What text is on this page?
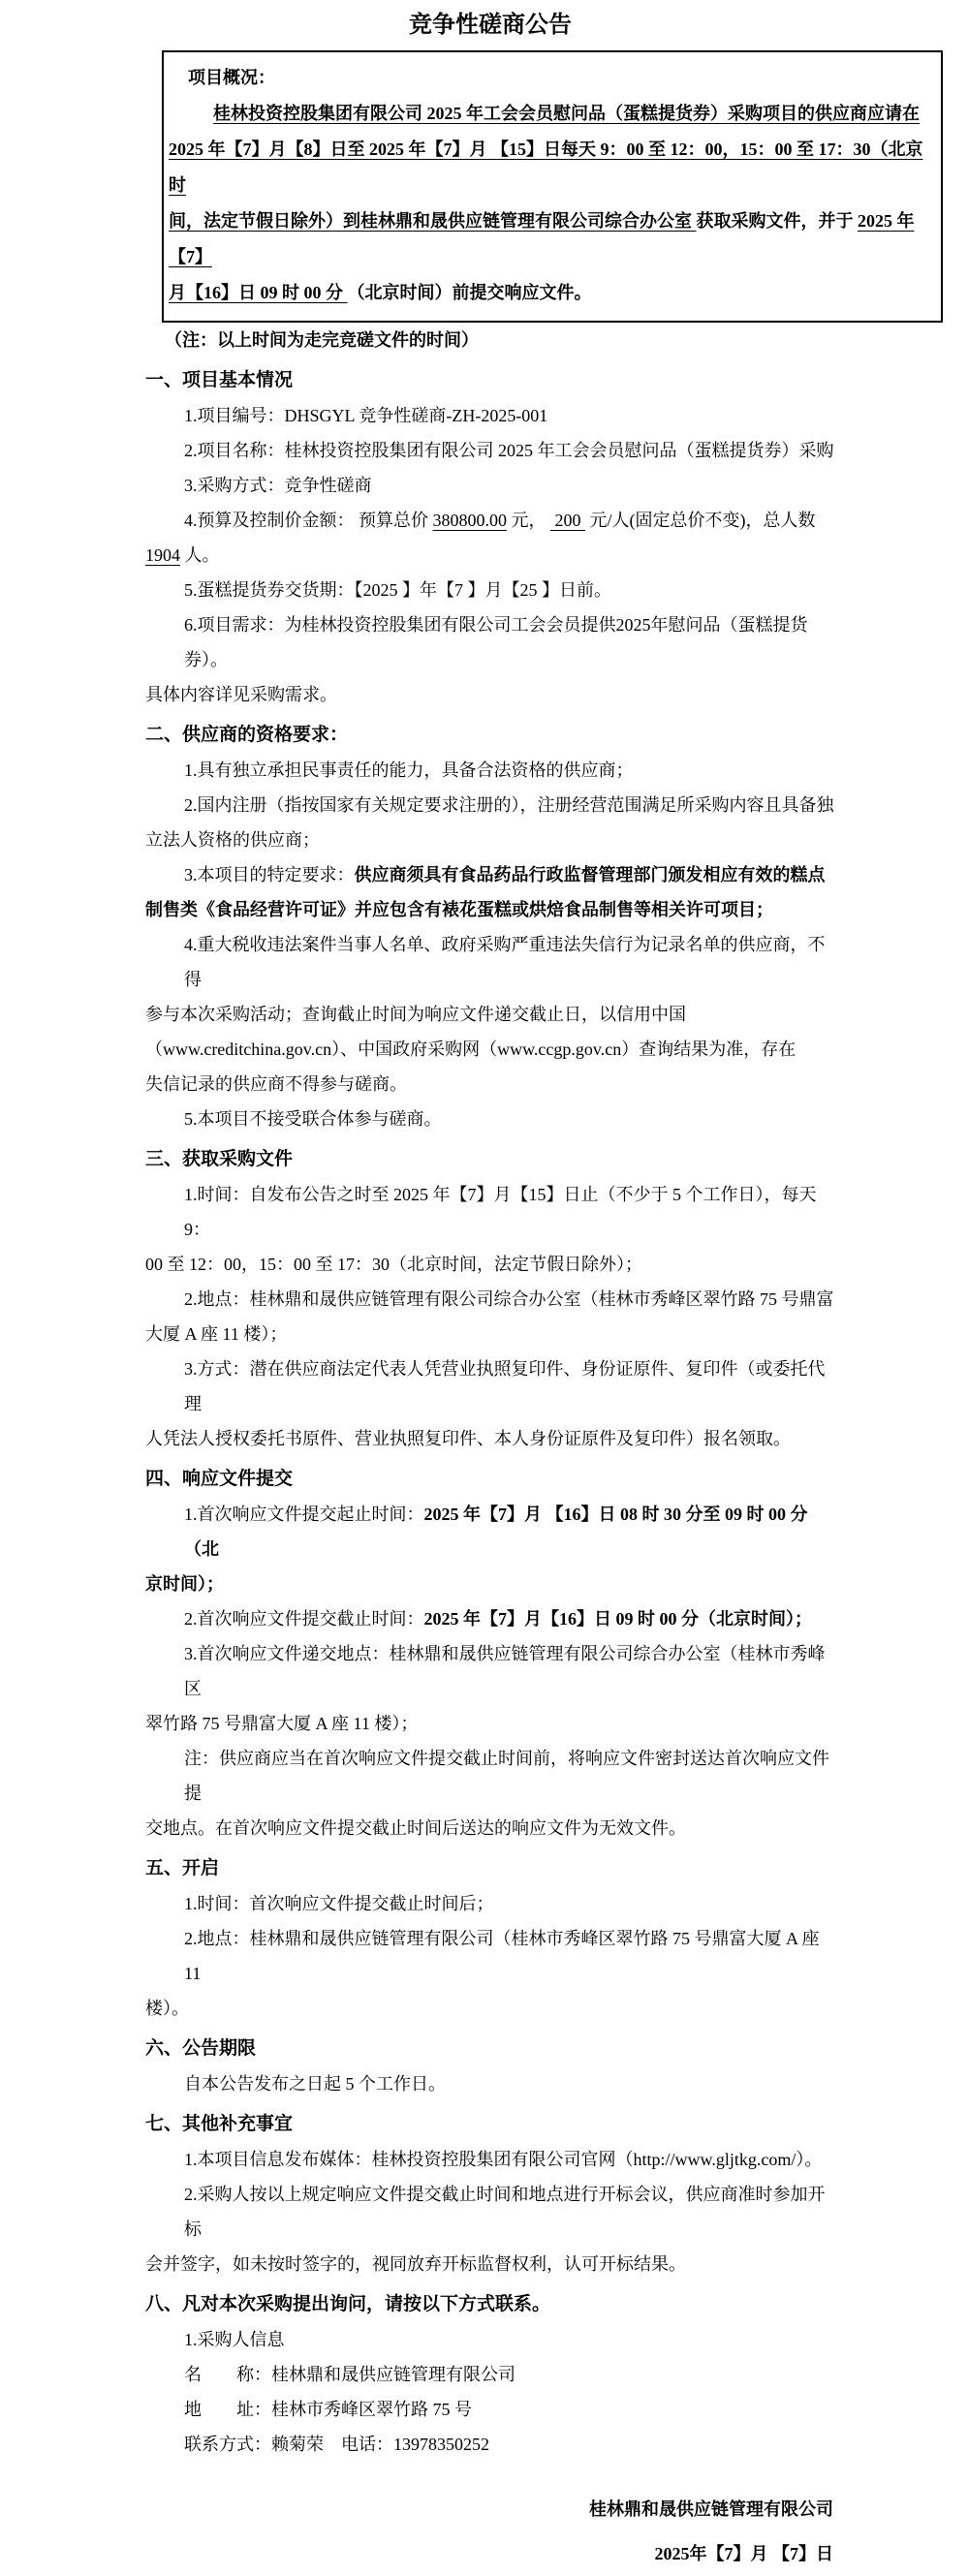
竞争性磋商公告
项目概况：
桂林投资控股集团有限公司 2025 年工会会员慰问品（蛋糕提货券）采购项目的供应商应请在
2025 年【7】月【8】日至 2025 年【7】月 【15】日每天 9：00 至 12：00，15：00 至 17：30（北京时
间，法定节假日除外）到桂林鼎和晟供应链管理有限公司综合办公室 获取采购文件，并于 2025 年【7】
月【16】日 09 时 00 分 （北京时间）前提交响应文件。
（注：以上时间为走完竞磋文件的时间）
一、项目基本情况
1.项目编号：DHSGYL 竞争性磋商-ZH-2025-001
2.项目名称：桂林投资控股集团有限公司 2025 年工会会员慰问品（蛋糕提货券）采购
3.采购方式：竞争性磋商
4.预算及控制价金额： 预算总价 380800.00 元，  200  元/人(固定总价不变)，总人数
1904 人。
5.蛋糕提货券交货期：【2025 】年【7 】月【25 】日前。
6.项目需求：为桂林投资控股集团有限公司工会会员提供2025年慰问品（蛋糕提货券）。
具体内容详见采购需求。
二、供应商的资格要求：
1.具有独立承担民事责任的能力，具备合法资格的供应商；
2.国内注册（指按国家有关规定要求注册的），注册经营范围满足所采购内容且具备独
立法人资格的供应商；
3.本项目的特定要求：供应商须具有食品药品行政监督管理部门颁发相应有效的糕点
制售类《食品经营许可证》并应包含有裱花蛋糕或烘焙食品制售等相关许可项目；
4.重大税收违法案件当事人名单、政府采购严重违法失信行为记录名单的供应商，不得
参与本次采购活动；查询截止时间为响应文件递交截止日，以信用中国
（www.creditchina.gov.cn）、中国政府采购网（www.ccgp.gov.cn）查询结果为准，存在
失信记录的供应商不得参与磋商。
5.本项目不接受联合体参与磋商。
三、获取采购文件
1.时间：自发布公告之时至 2025 年【7】月【15】日止（不少于 5 个工作日），每天 9：
00 至 12：00，15：00 至 17：30（北京时间，法定节假日除外）；
2.地点：桂林鼎和晟供应链管理有限公司综合办公室（桂林市秀峰区翠竹路 75 号鼎富
大厦 A 座 11 楼）；
3.方式：潜在供应商法定代表人凭营业执照复印件、身份证原件、复印件（或委托代理
人凭法人授权委托书原件、营业执照复印件、本人身份证原件及复印件）报名领取。
四、响应文件提交
1.首次响应文件提交起止时间：2025 年【7】月 【16】日 08 时 30 分至 09 时 00 分（北
京时间）；
2.首次响应文件提交截止时间：2025 年【7】月【16】日 09 时 00 分（北京时间）；
3.首次响应文件递交地点：桂林鼎和晟供应链管理有限公司综合办公室（桂林市秀峰区
翠竹路 75 号鼎富大厦 A 座 11 楼）；
注：供应商应当在首次响应文件提交截止时间前，将响应文件密封送达首次响应文件提
交地点。在首次响应文件提交截止时间后送达的响应文件为无效文件。
五、开启
1.时间：首次响应文件提交截止时间后；
2.地点：桂林鼎和晟供应链管理有限公司（桂林市秀峰区翠竹路 75 号鼎富大厦 A 座 11
楼）。
六、公告期限
自本公告发布之日起 5 个工作日。
七、其他补充事宜
1.本项目信息发布媒体：桂林投资控股集团有限公司官网（http://www.gljtkg.com/）。
2.采购人按以上规定响应文件提交截止时间和地点进行开标会议，供应商准时参加开标
会并签字，如未按时签字的，视同放弃开标监督权利，认可开标结果。
八、凡对本次采购提出询问，请按以下方式联系。
1.采购人信息
名　　称：桂林鼎和晟供应链管理有限公司
地　　址：桂林市秀峰区翠竹路 75 号
联系方式：赖菊荣　电话：13978350252
桂林鼎和晟供应链管理有限公司
2025年【7】月 【7】日
